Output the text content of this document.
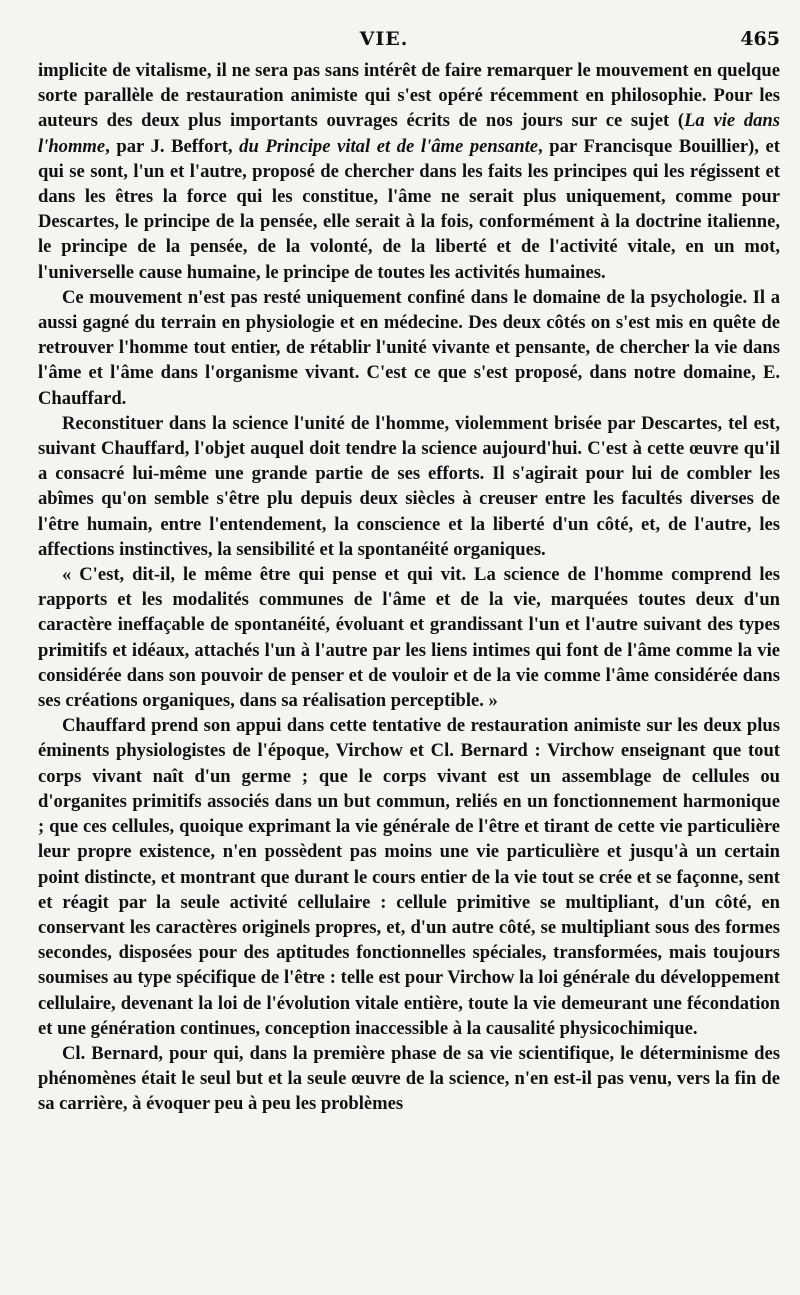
VIE.	465

implicite de vitalisme, il ne sera pas sans intérêt de faire remarquer le mouvement en quelque sorte parallèle de restauration animiste qui s'est opéré récemment en philosophie. Pour les auteurs des deux plus importants ouvrages écrits de nos jours sur ce sujet (La vie dans l'homme, par J. Beffort, du Principe vital et de l'âme pensante, par Francisque Bouillier), et qui se sont, l'un et l'autre, proposé de chercher dans les faits les principes qui les régissent et dans les êtres la force qui les constitue, l'âme ne serait plus uniquement, comme pour Descartes, le principe de la pensée, elle serait à la fois, conformément à la doctrine italienne, le principe de la pensée, de la volonté, de la liberté et de l'activité vitale, en un mot, l'universelle cause humaine, le principe de toutes les activités humaines.

Ce mouvement n'est pas resté uniquement confiné dans le domaine de la psychologie. Il a aussi gagné du terrain en physiologie et en médecine. Des deux côtés on s'est mis en quête de retrouver l'homme tout entier, de rétablir l'unité vivante et pensante, de chercher la vie dans l'âme et l'âme dans l'organisme vivant. C'est ce que s'est proposé, dans notre domaine, E. Chauffard.

Reconstituer dans la science l'unité de l'homme, violemment brisée par Descartes, tel est, suivant Chauffard, l'objet auquel doit tendre la science aujourd'hui. C'est à cette œuvre qu'il a consacré lui-même une grande partie de ses efforts. Il s'agirait pour lui de combler les abîmes qu'on semble s'être plu depuis deux siècles à creuser entre les facultés diverses de l'être humain, entre l'entendement, la conscience et la liberté d'un côté, et, de l'autre, les affections instinctives, la sensibilité et la spontanéité organiques.

« C'est, dit-il, le même être qui pense et qui vit. La science de l'homme comprend les rapports et les modalités communes de l'âme et de la vie, marquées toutes deux d'un caractère ineffaçable de spontanéité, évoluant et grandissant l'un et l'autre suivant des types primitifs et idéaux, attachés l'un à l'autre par les liens intimes qui font de l'âme comme la vie considérée dans son pouvoir de penser et de vouloir et de la vie comme l'âme considérée dans ses créations organiques, dans sa réalisation perceptible. »

Chauffard prend son appui dans cette tentative de restauration animiste sur les deux plus éminents physiologistes de l'époque, Virchow et Cl. Bernard : Virchow enseignant que tout corps vivant naît d'un germe ; que le corps vivant est un assemblage de cellules ou d'organites primitifs associés dans un but commun, reliés en un fonctionnement harmonique ; que ces cellules, quoique exprimant la vie générale de l'être et tirant de cette vie particulière leur propre existence, n'en possèdent pas moins une vie particulière et jusqu'à un certain point distincte, et montrant que durant le cours entier de la vie tout se crée et se façonne, sent et réagit par la seule activité cellulaire : cellule primitive se multipliant, d'un côté, en conservant les caractères originels propres, et, d'un autre côté, se multipliant sous des formes secondes, disposées pour des aptitudes fonctionnelles spéciales, transformées, mais toujours soumises au type spécifique de l'être : telle est pour Virchow la loi générale du développement cellulaire, devenant la loi de l'évolution vitale entière, toute la vie demeurant une fécondation et une génération continues, conception inaccessible à la causalité physicochimique.

Cl. Bernard, pour qui, dans la première phase de sa vie scientifique, le déterminisme des phénomènes était le seul but et la seule œuvre de la science, n'en est-il pas venu, vers la fin de sa carrière, à évoquer peu à peu les problèmes
